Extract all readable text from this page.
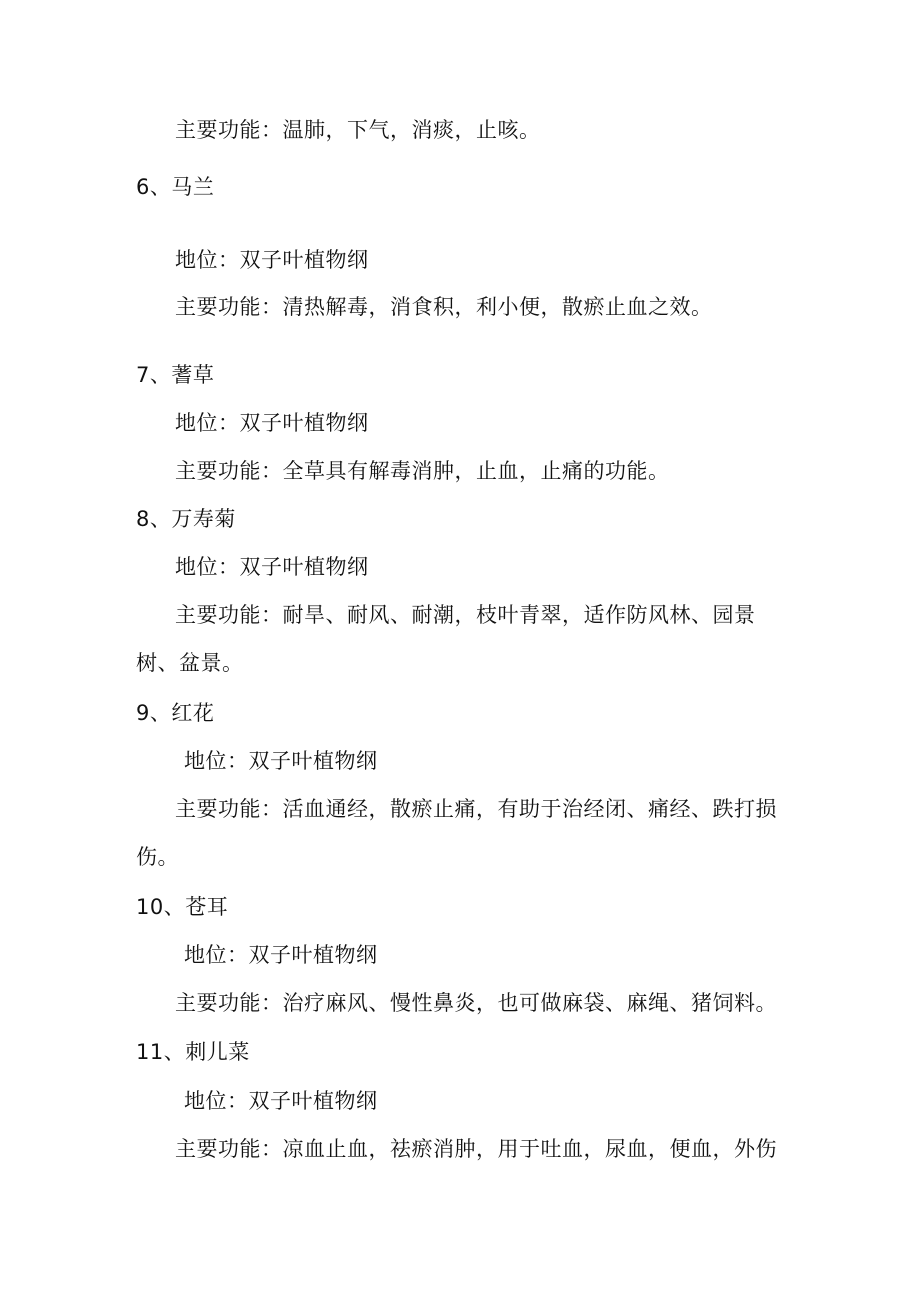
主要功能：温肺，下气，消痰，止咳。
6、马兰
地位：双子叶植物纲
主要功能：清热解毒，消食积，利小便，散瘀止血之效。
7、蓍草
地位：双子叶植物纲
主要功能：全草具有解毒消肿，止血，止痛的功能。
8、万寿菊
地位：双子叶植物纲
主要功能：耐旱、耐风、耐潮，枝叶青翠，适作防风林、园景
树、盆景。
9、红花
地位：双子叶植物纲
主要功能：活血通经，散瘀止痛，有助于治经闭、痛经、跌打损
伤。
10、苍耳
地位：双子叶植物纲
主要功能：治疗麻风、慢性鼻炎，也可做麻袋、麻绳、猪饲料。
11、刺儿菜
地位：双子叶植物纲
主要功能：凉血止血，祛瘀消肿，用于吐血，尿血，便血，外伤
